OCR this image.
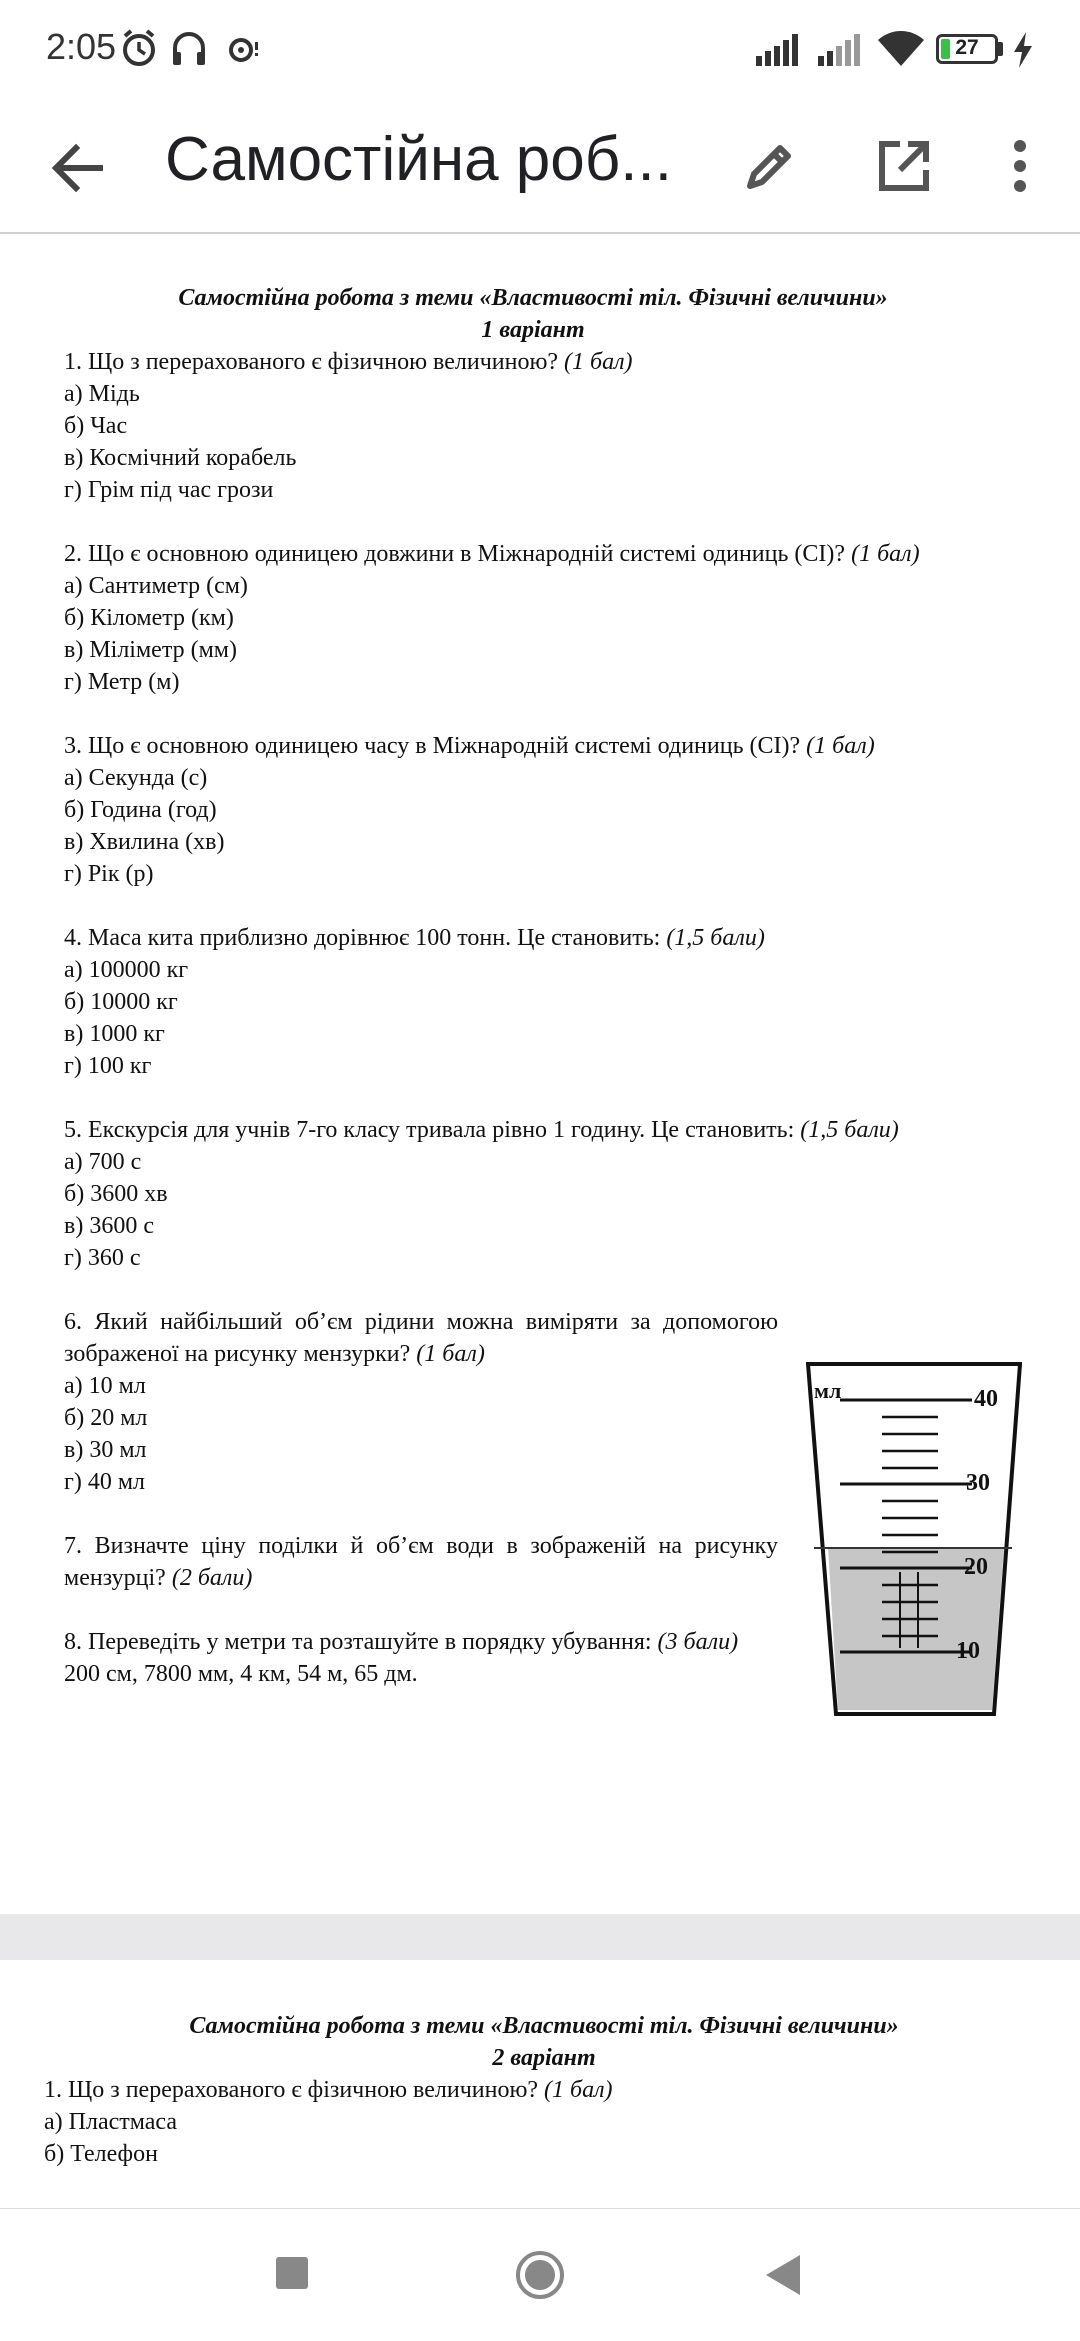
2:05	27
Самостійна роб...

Самостійна робота з теми «Властивості тіл. Фізичні величини»

1 варіант

1. Що з перерахованого є фізичною величиною? (1 бал)

а) Мідь

б) Час

в) Космічний корабель

г) Грім під час грози

2. Що є основною одиницею довжини в Міжнародній системі одиниць (СІ)? (1 бал)

а) Сантиметр (см)

б) Кілометр (км)

в) Міліметр (мм)

г) Метр (м)

3. Що є основною одиницею часу в Міжнародній системі одиниць (СІ)? (1 бал)

а) Секунда (с)

б) Година (год)

в) Хвилина (хв)

г) Рік (р)

4. Маса кита приблизно дорівнює 100 тонн. Це становить: (1,5 бали)

а) 100000 кг

б) 10000 кг

в) 1000 кг

г) 100 кг

5. Екскурсія для учнів 7-го класу тривала рівно 1 годину. Це становить: (1,5 бали)

а) 700 с

б) 3600 хв

в) 3600 с

г) 360 с

6. Який найбільший об’єм рідини можна виміряти за допомогою зображеної на рисунку мензурки? (1 бал)

а) 10 мл

б) 20 мл

в) 30 мл

г) 40 мл

7. Визначте ціну поділки й об’єм води в зображеній на рисунку мензурці? (2 бали)

8. Переведіть у метри та розташуйте в порядку убування: (3 бали)

200 см, 7800 мм, 4 км, 54 м, 65 дм.

мл	40
30
20
10

Самостійна робота з теми «Властивості тіл. Фізичні величини»

2 варіант

1. Що з перерахованого є фізичною величиною? (1 бал)

а) Пластмаса

б) Телефон
